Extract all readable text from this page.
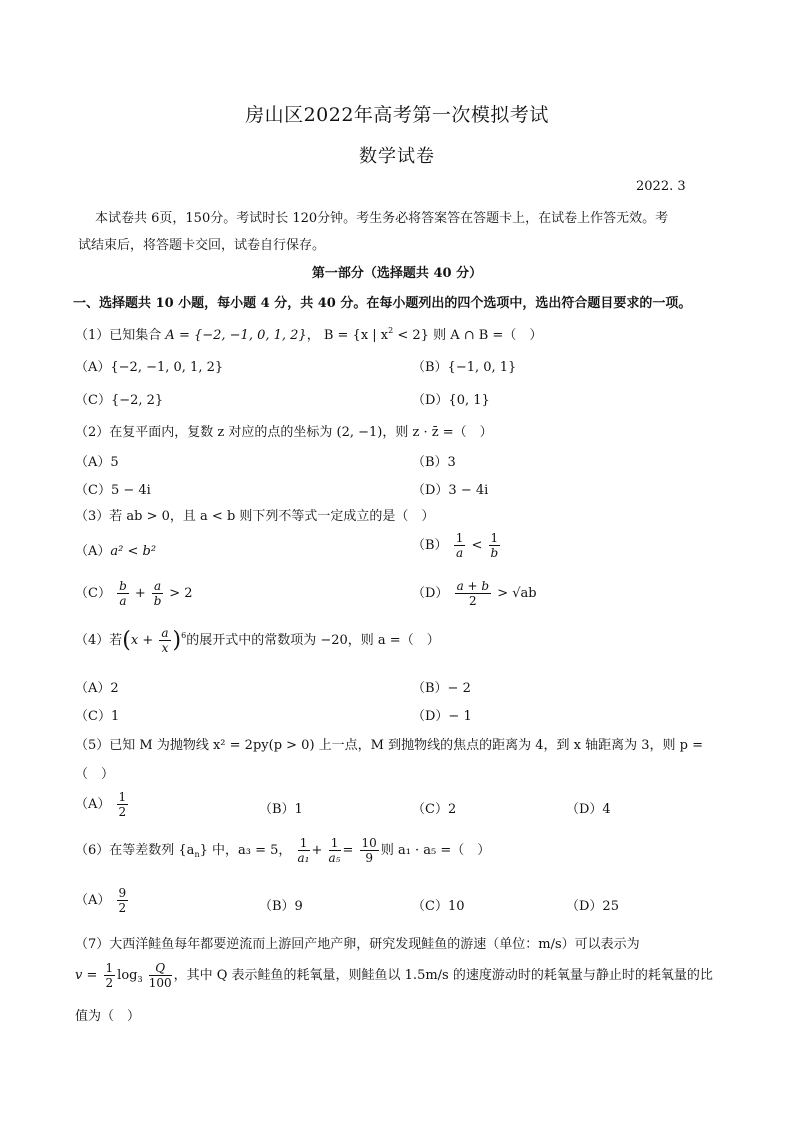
房山区2022年高考第一次模拟考试
数学试卷
2022. 3
本试卷共 6页，150分。考试时长 120分钟。考生务必将答案答在答题卡上，在试卷上作答无效。考
试结束后，将答题卡交回，试卷自行保存。
第一部分（选择题共 40 分）
一、选择题共 10 小题，每小题 4 分，共 40 分。在每小题列出的四个选项中，选出符合题目要求的一项。
（1）已知集合 A = {−2, −1, 0, 1, 2}， B = {x | $x^2 < 2$} 则 A ∩ B =（　）
（A）{−2, −1, 0, 1, 2}	（B）{−1, 0, 1}
（C）{−2, 2}	（D）{0, 1}
（2）在复平面内，复数 z 对应的点的坐标为 (2, −1)，则 z · z̄ =（　）
（A）5	（B）3
（C）5 − 4i	（D）3 − 4i
（3）若 ab > 0，且 a < b 则下列不等式一定成立的是（　）
（A）a² < b²	$(B) \frac{1}{a} < \frac{1}{b}$
$(C) \frac{b}{a} + \frac{a}{b} > 2$	$(D) \frac{a + b}{2} > √ab$
（4）若$(x + \frac{a}{x} )^6$的展开式中的常数项为 −20，则 a =（　）
（A）2	（B）− 2
（C）1	（D）− 1
（5）已知 M 为抛物线 x² = 2py(p > 0) 上一点，M 到抛物线的焦点的距离为 4，到 x 轴距离为 3，则 p =
（　）
$(A) \frac{1}{2}$	（B）1	（C）2	（D）4
（6）在等差数列 $\{a_n\}$ 中，a₃ = 5， $\frac{1}{\text{a₁}} + \frac{1}{\text{a₅}} = \frac{10}{9}$ 则 a₁ · a₅ =（　）
$(A) \frac{9}{2}$	（B）9	（C）10	（D）25
（7）大西洋鲑鱼每年都要逆流而上游回产地产卵，研究发现鲑鱼的游速（单位：m/s）可以表示为
$v = \frac{1}{2} \log_3 \frac{Q}{100}$ ，其中 Q 表示鲑鱼的耗氧量，则鲑鱼以 1.5m/s 的速度游动时的耗氧量与静止时的耗氧量的比
值为（　）
